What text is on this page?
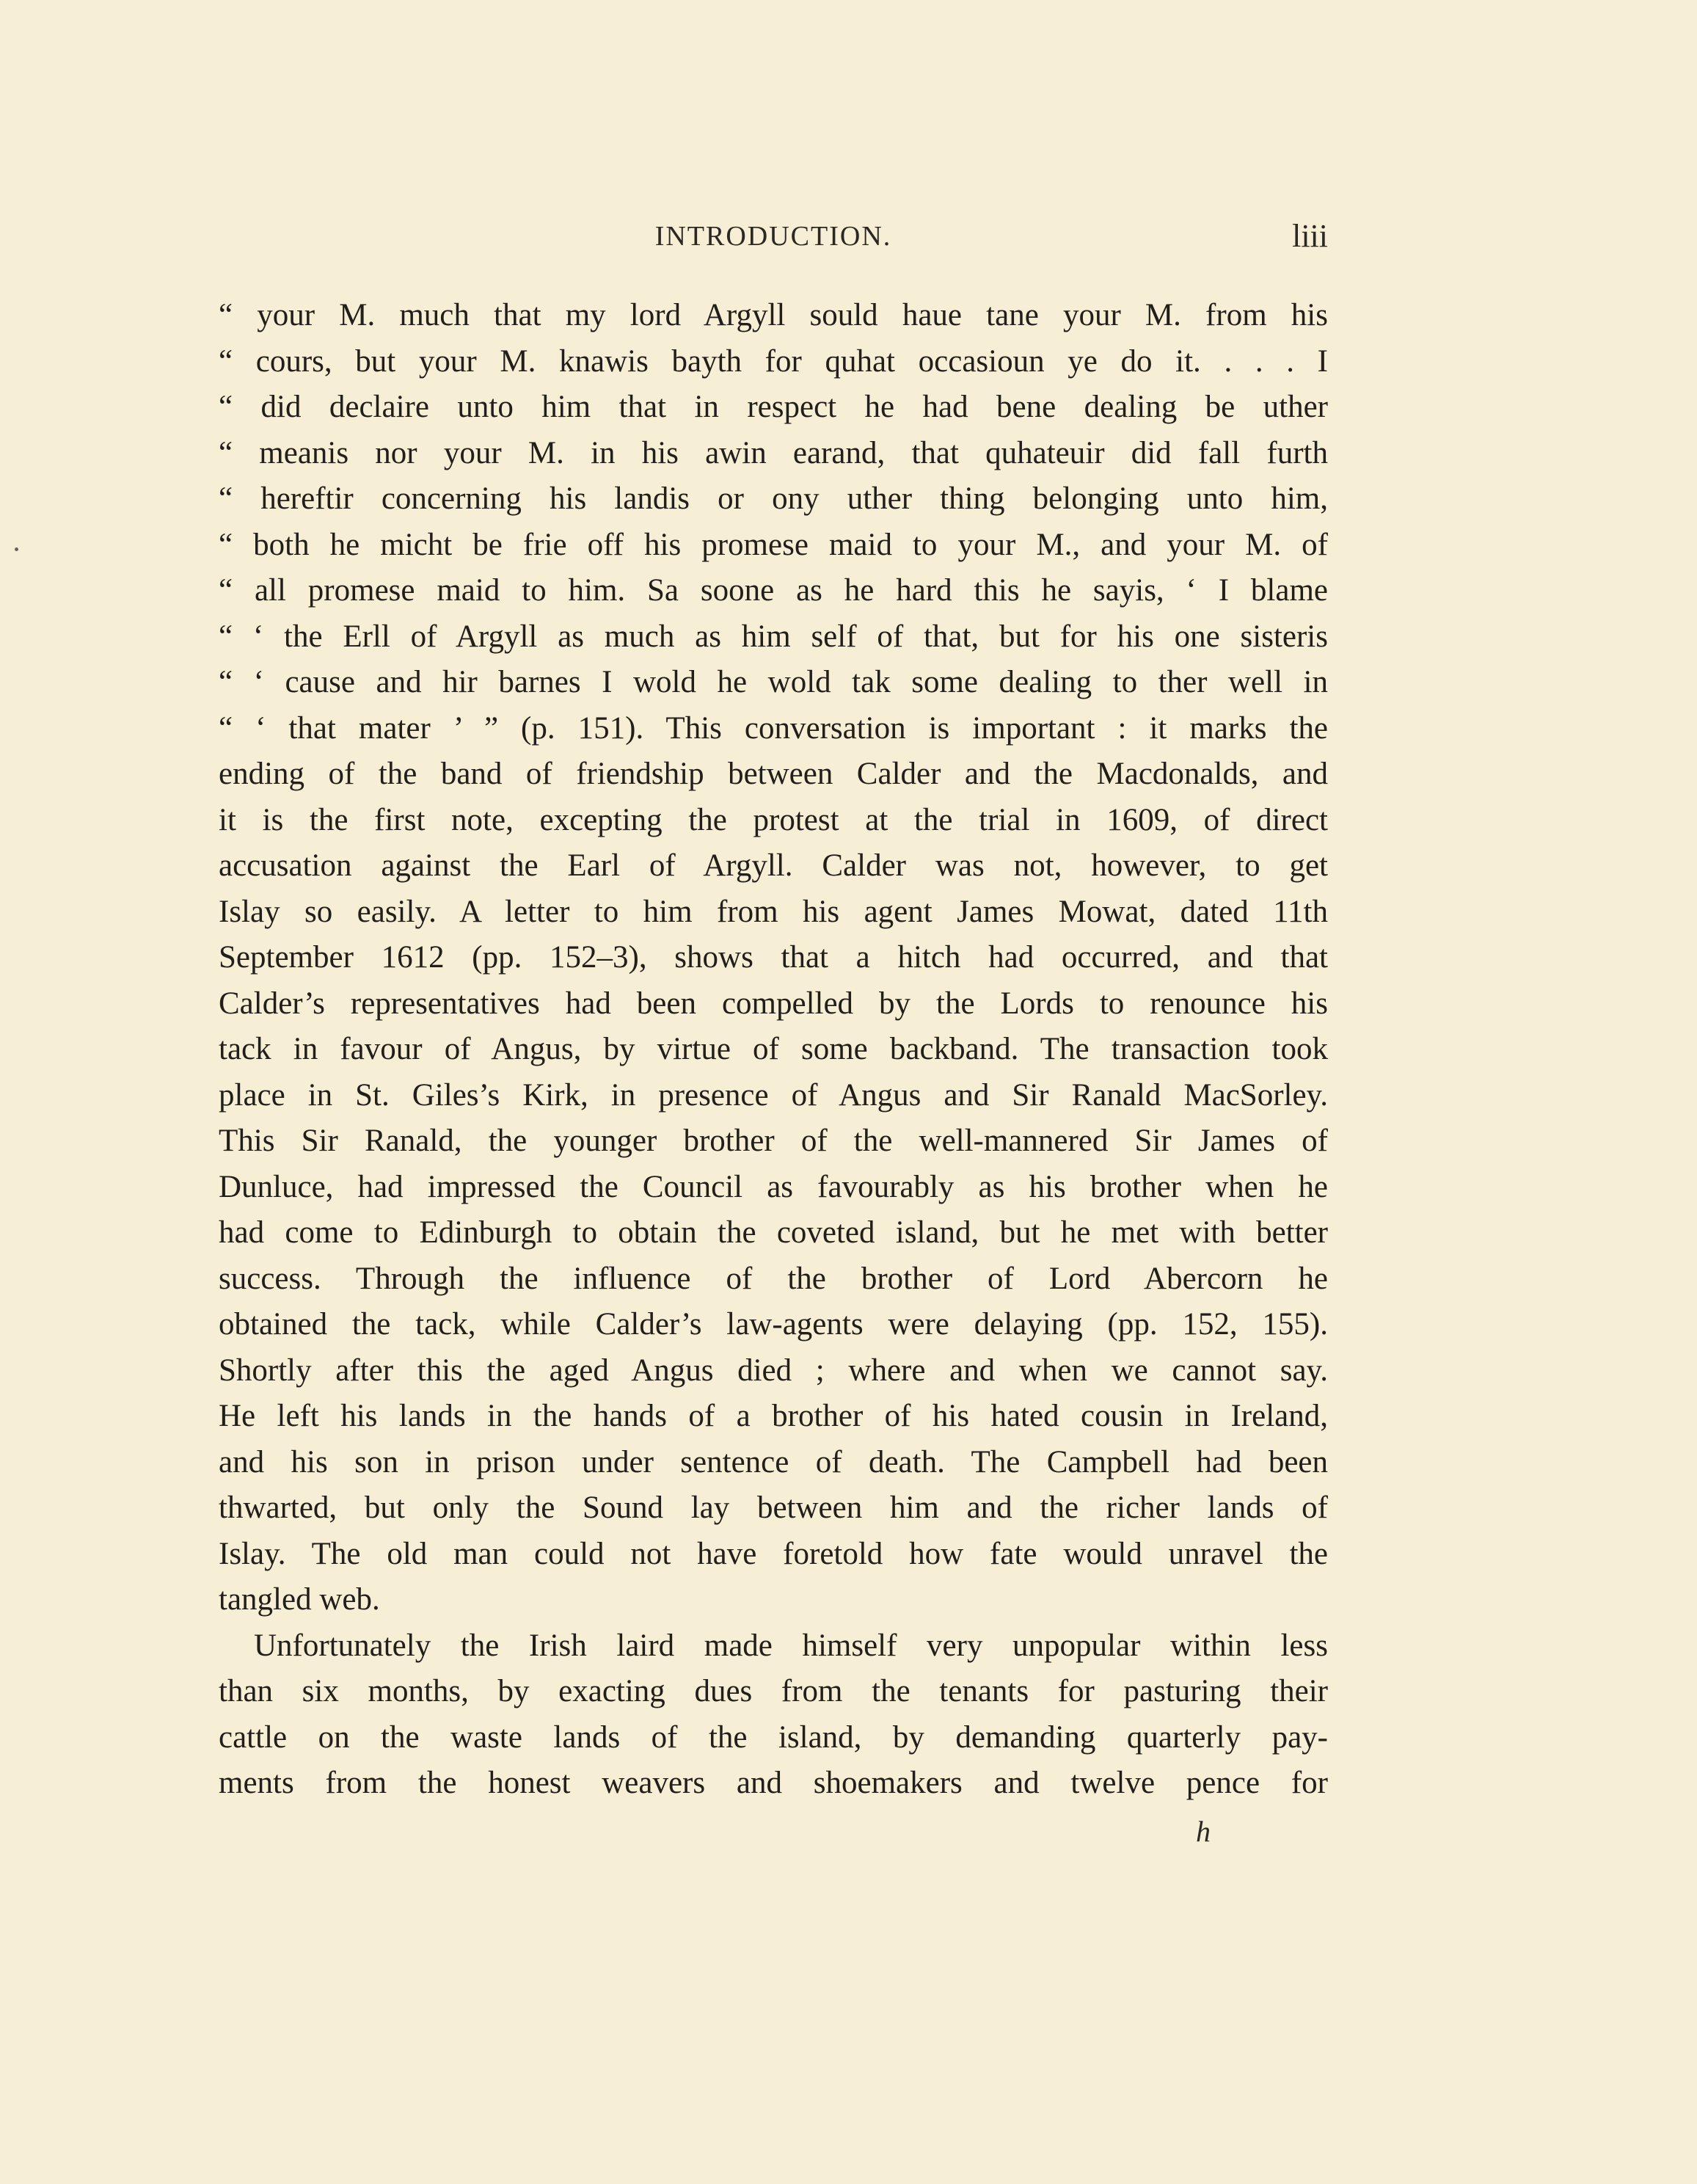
INTRODUCTION.	liii
“ your M. much that my lord Argyll sould haue tane your M. from his
“ cours, but your M. knawis bayth for quhat occasioun ye do it. . . . I
“ did declaire unto him that in respect he had bene dealing be uther
“ meanis nor your M. in his awin earand, that quhateuir did fall furth
“ hereftir concerning his landis or ony uther thing belonging unto him,
“ both he micht be frie off his promese maid to your M., and your M. of
“ all promese maid to him. Sa soone as he hard this he sayis, ‘ I blame
“ ‘ the Erll of Argyll as much as him self of that, but for his one sisteris
“ ‘ cause and hir barnes I wold he wold tak some dealing to ther well in
“ ‘ that mater ’ ” (p. 151). This conversation is important : it marks the
ending of the band of friendship between Calder and the Macdonalds, and
it is the first note, excepting the protest at the trial in 1609, of direct
accusation against the Earl of Argyll. Calder was not, however, to get
Islay so easily. A letter to him from his agent James Mowat, dated 11th
September 1612 (pp. 152–3), shows that a hitch had occurred, and that
Calder’s representatives had been compelled by the Lords to renounce his
tack in favour of Angus, by virtue of some backband. The transaction took
place in St. Giles’s Kirk, in presence of Angus and Sir Ranald MacSorley.
This Sir Ranald, the younger brother of the well-mannered Sir James of
Dunluce, had impressed the Council as favourably as his brother when he
had come to Edinburgh to obtain the coveted island, but he met with better
success. Through the influence of the brother of Lord Abercorn he
obtained the tack, while Calder’s law-agents were delaying (pp. 152, 155).
Shortly after this the aged Angus died ; where and when we cannot say.
He left his lands in the hands of a brother of his hated cousin in Ireland,
and his son in prison under sentence of death. The Campbell had been
thwarted, but only the Sound lay between him and the richer lands of
Islay. The old man could not have foretold how fate would unravel the
tangled web.
Unfortunately the Irish laird made himself very unpopular within less
than six months, by exacting dues from the tenants for pasturing their
cattle on the waste lands of the island, by demanding quarterly pay-
ments from the honest weavers and shoemakers and twelve pence for
h
